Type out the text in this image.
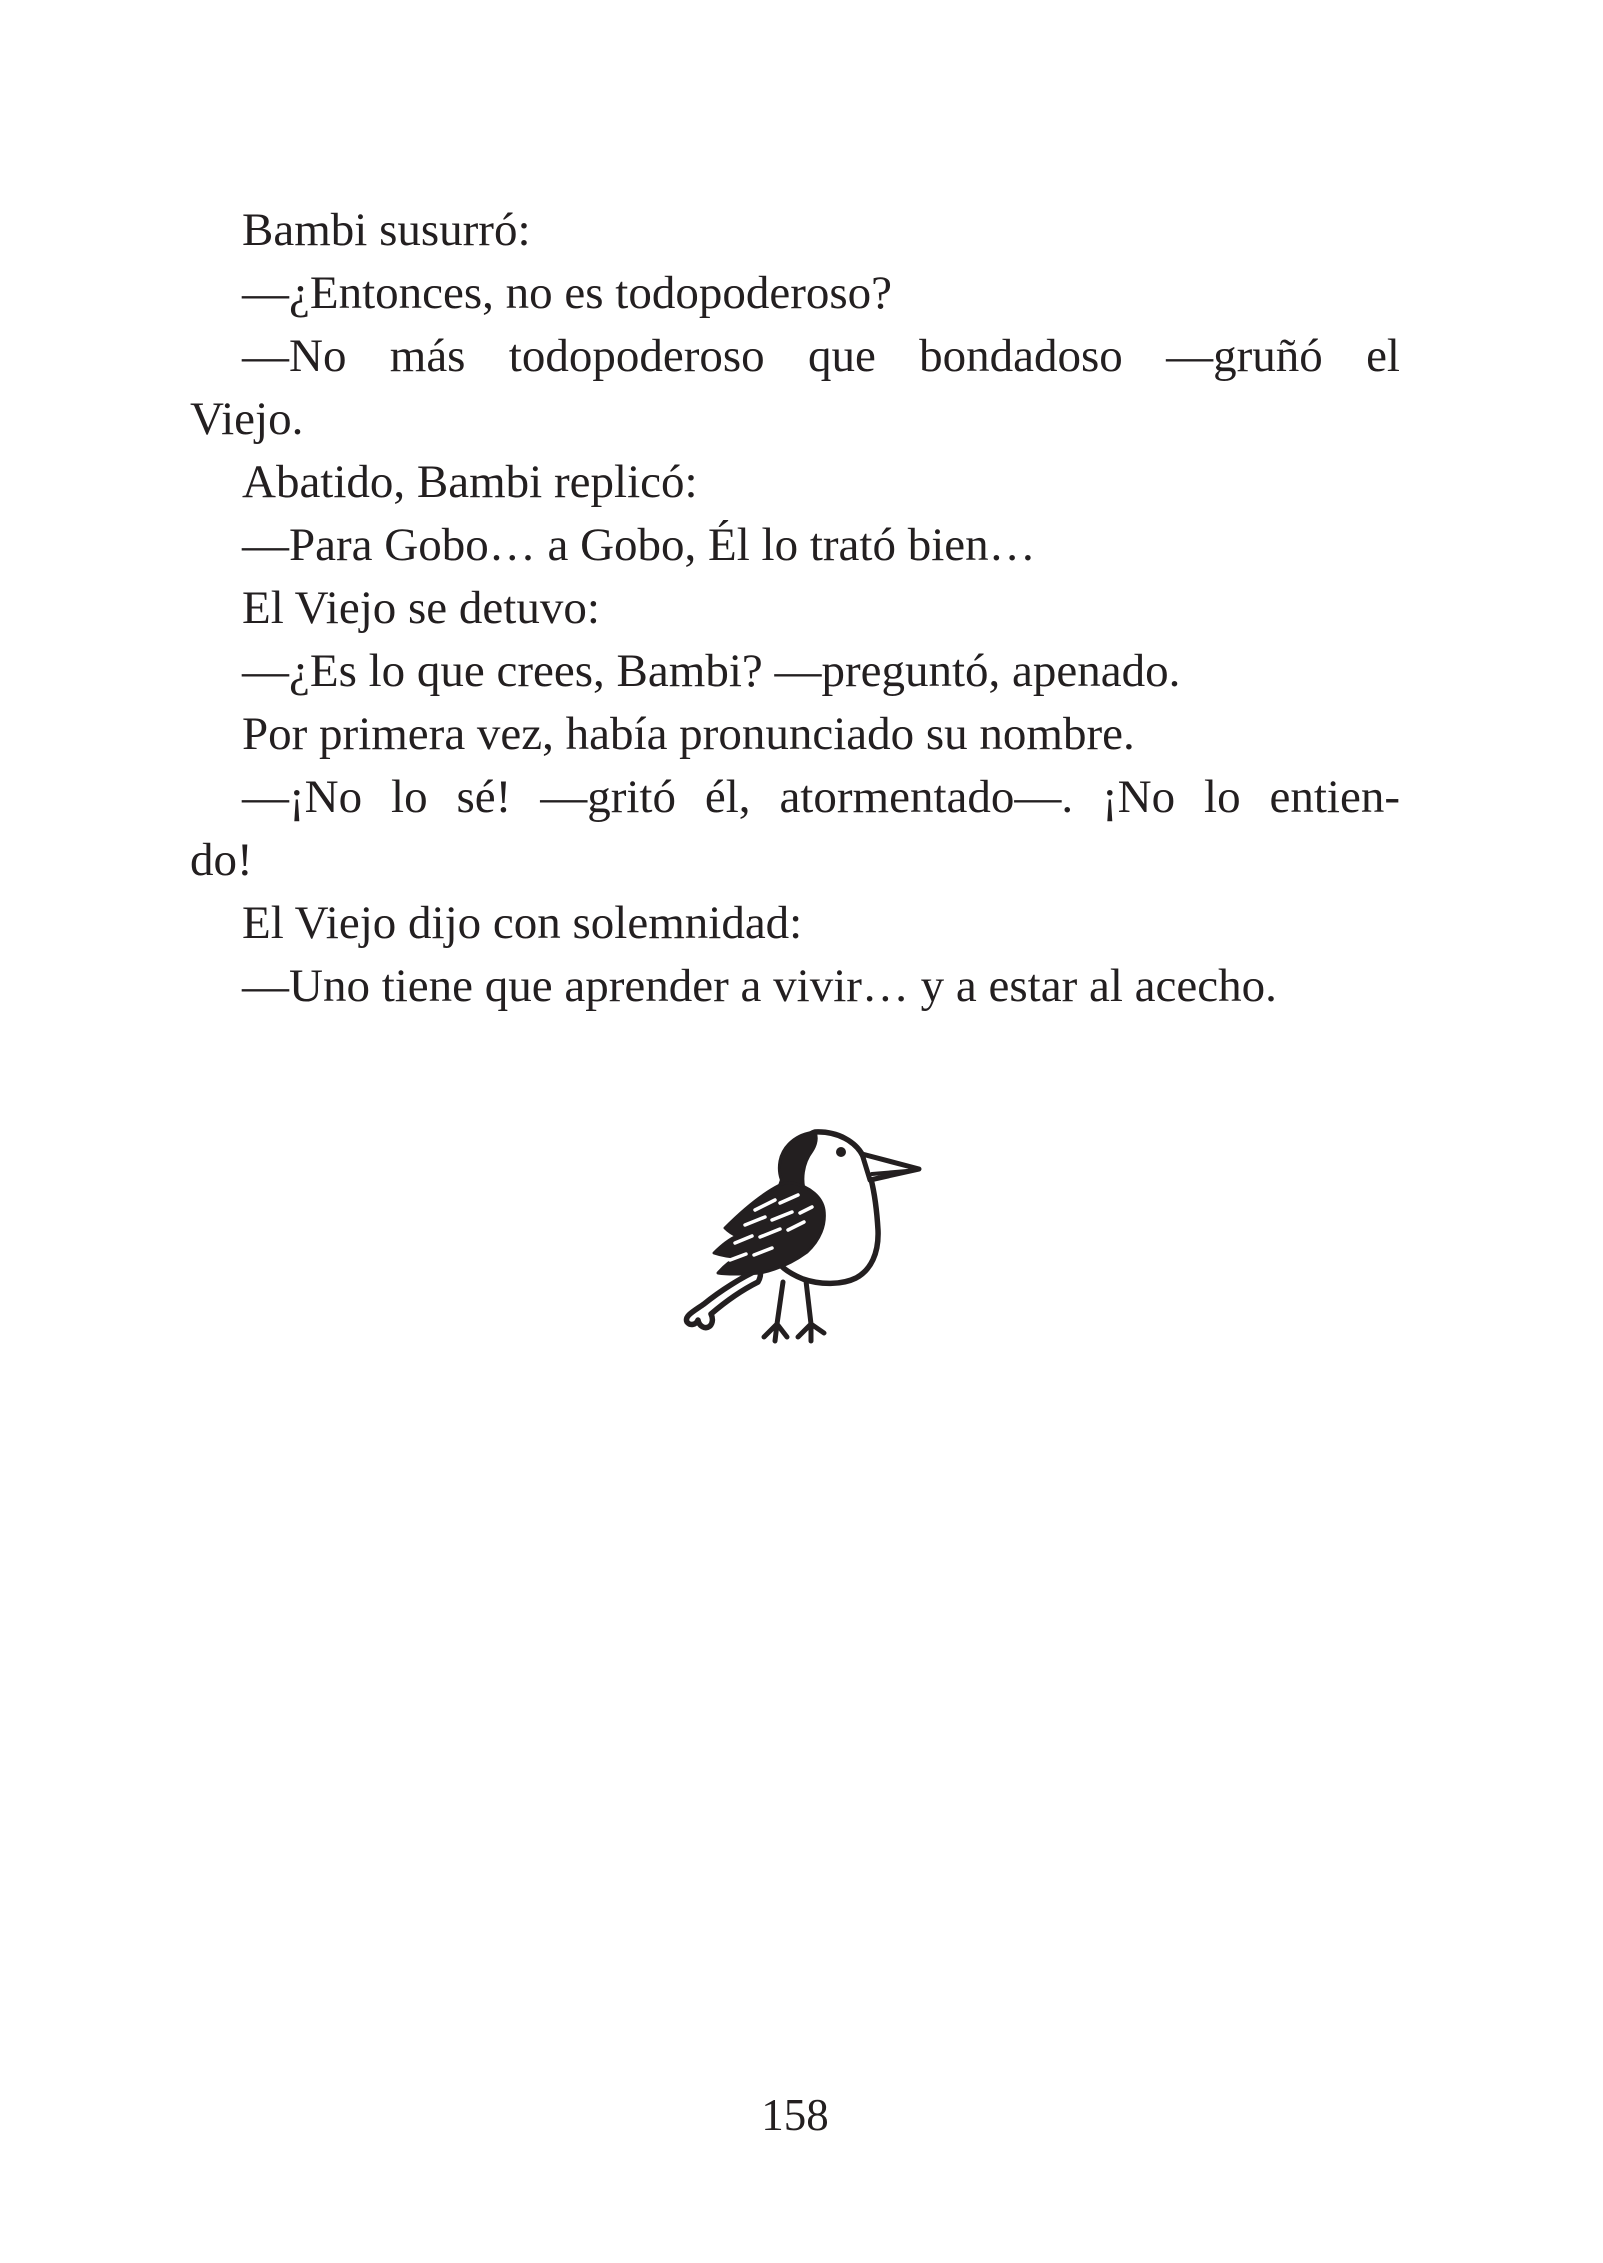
Bambi susurró:
—¿Entonces, no es todopoderoso?
—No más todopoderoso que bondadoso —gruñó el
Viejo.
Abatido, Bambi replicó:
—Para Gobo… a Gobo, Él lo trató bien…
El Viejo se detuvo:
—¿Es lo que crees, Bambi? —preguntó, apenado.
Por primera vez, había pronunciado su nombre.
—¡No lo sé! —gritó él, atormentado—. ¡No lo entien-
do!
El Viejo dijo con solemnidad:
—Uno tiene que aprender a vivir… y a estar al acecho.
158
